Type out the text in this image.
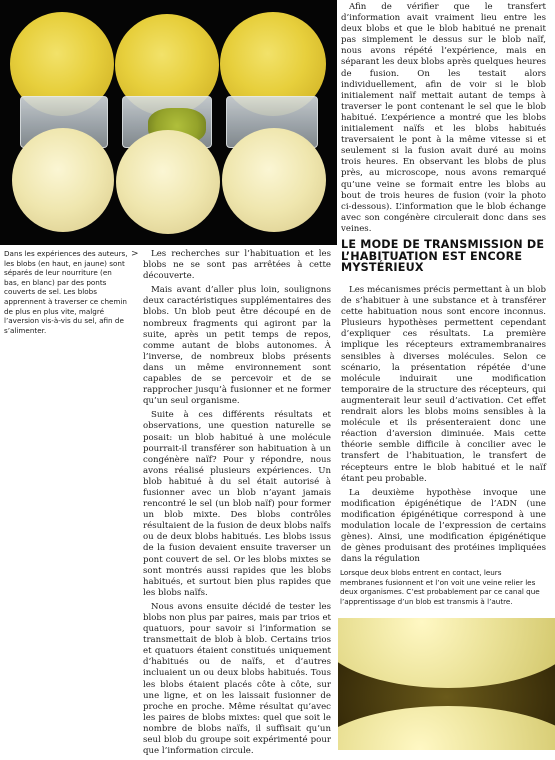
Dans les expériences des auteurs, les blobs (en haut, en jaune) sont séparés de leur nourriture (en bas, en blanc) par des ponts couverts de sel. Les blobs apprennent à traverser ce chemin de plus en plus vite, malgré l’aversion vis-à-vis du sel, afin de s’alimenter.
>	Les recherches sur l’habituation et les blobs ne se sont pas arrêtées à cette découverte.

Mais avant d’aller plus loin, soulignons deux caractéristiques supplémentaires des blobs. Un blob peut être découpé en de nombreux fragments qui agiront par la suite, après un petit temps de repos, comme autant de blobs autonomes. À l’inverse, de nombreux blobs présents dans un même environnement sont capables de se percevoir et de se rapprocher jusqu’à fusionner et ne former qu’un seul organisme.

Suite à ces différents résultats et observations, une question naturelle se posait: un blob habitué à une molécule pourrait-il transférer son habituation à un congénère naïf? Pour y répondre, nous avons réalisé plusieurs expériences. Un blob habitué à du sel était autorisé à fusionner avec un blob n’ayant jamais rencontré le sel (un blob naïf) pour former un blob mixte. Des blobs contrôles résultaient de la fusion de deux blobs naïfs ou de deux blobs habitués. Les blobs issus de la fusion devaient ensuite traverser un pont couvert de sel. Or les blobs mixtes se sont montrés aussi rapides que les blobs habitués, et surtout bien plus rapides que les blobs naïfs.

Nous avons ensuite décidé de tester les blobs non plus par paires, mais par trios et quatuors, pour savoir si l’information se transmettait de blob à blob. Certains trios et quatuors étaient constitués uniquement d’habitués ou de naïfs, et d’autres incluaient un ou deux blobs habitués. Tous les blobs étaient placés côte à côte, sur une ligne, et on les laissait fusionner de proche en proche. Même résultat qu’avec les paires de blobs mixtes: quel que soit le nombre de blobs naïfs, il suffisait qu’un seul blob du groupe soit expérimenté pour que l’information circule.

Afin de vérifier que le transfert d’information avait vraiment lieu entre les deux blobs et que le blob habitué ne prenait pas simplement le dessus sur le blob naïf, nous avons répété l’expérience, mais en séparant les deux blobs après quelques heures de fusion. On les testait alors individuellement, afin de voir si le blob initialement naïf mettait autant de temps à traverser le pont contenant le sel que le blob habitué. L’expérience a montré que les blobs initialement naïfs et les blobs habitués traversaient le pont à la même vitesse si et seulement si la fusion avait duré au moins trois heures. En observant les blobs de plus près, au microscope, nous avons remarqué qu’une veine se formait entre les blobs au bout de trois heures de fusion (voir la photo ci-dessous). L’information que le blob échange avec son congénère circulerait donc dans ses veines.

LE MODE DE TRANSMISSION DE L’HABITUATION EST ENCORE MYSTÉRIEUX

Les mécanismes précis permettant à un blob de s’habituer à une substance et à transférer cette habituation nous sont encore inconnus. Plusieurs hypothèses permettent cependant d’expliquer ces résultats. La première implique les récepteurs extramembranaires sensibles à diverses molécules. Selon ce scénario, la présentation répétée d’une molécule induirait une modification temporaire de la structure des récepteurs, qui augmenterait leur seuil d’activation. Cet effet rendrait alors les blobs moins sensibles à la molécule et ils présenteraient donc une réaction d’aversion diminuée. Mais cette théorie semble difficile à concilier avec le transfert de l’habituation, le transfert de récepteurs entre le blob habitué et le naïf étant peu probable.

La deuxième hypothèse invoque une modification épigénétique de l’ADN (une modification épigénétique correspond à une modulation locale de l’expression de certains gènes). Ainsi, une modification épigénétique de gènes produisant des protéines impliquées dans la régulation

Lorsque deux blobs entrent en contact, leurs membranes fusionnent et l’on voit une veine relier les deux organismes. C’est probablement par ce canal que l’apprentissage d’un blob est transmis à l’autre.
